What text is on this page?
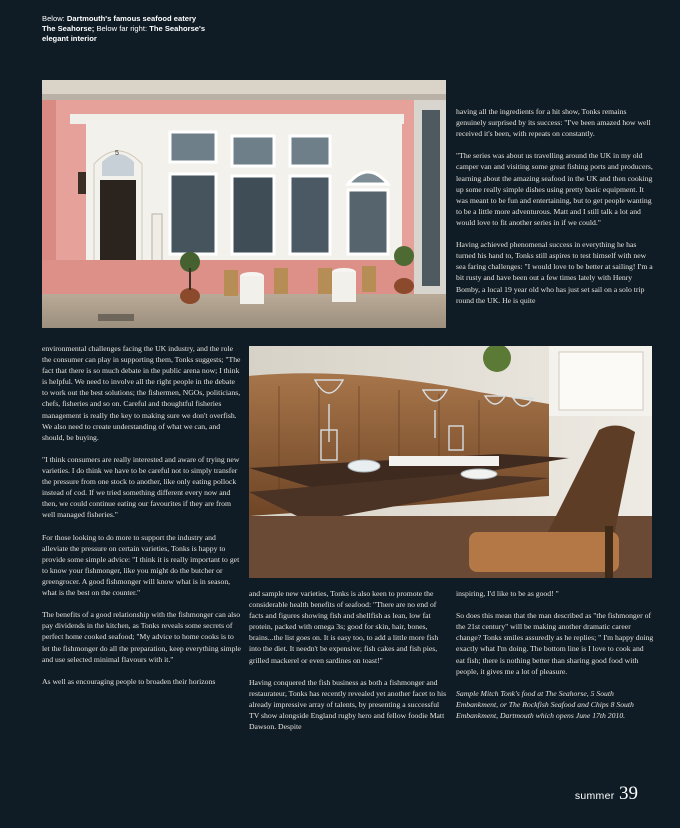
Below: Dartmouth's famous seafood eatery
The Seahorse; Below far right: The Seahorse's elegant interior
5

having all the ingredients for a hit show, Tonks remains genuinely surprised by its success: "I've been amazed how well received it's been, with repeats on constantly.

"The series was about us travelling around the UK in my old camper van and visiting some great fishing ports and producers, learning about the amazing seafood in the UK and then cooking up some really simple dishes using pretty basic equipment. It was meant to be fun and entertaining, but to get people wanting to be a little more adventurous. Matt and I still talk a lot and would love to fit another series in if we could."

Having achieved phenomenal success in everything he has turned his hand to, Tonks still aspires to test himself with new sea faring challenges: "I would love to be better at sailing! I'm a bit rusty and have been out a few times lately with Henry Bomby, a local 19 year old who has just set sail on a solo trip round the UK. He is quite

environmental challenges facing the UK industry, and the role the consumer can play in supporting them, Tonks suggests; "The fact that there is so much debate in the public arena now; I think is helpful. We need to involve all the right people in the debate to work out the best solutions; the fishermen, NGOs, politicians, chefs, fisheries and so on. Careful and thoughtful fisheries management is really the key to making sure we don't overfish. We also need to create understanding of what we can, and should, be buying.

"I think consumers are really interested and aware of trying new varieties. I do think we have to be careful not to simply transfer the pressure from one stock to another, like only eating pollock instead of cod. If we tried something different every now and then, we could continue eating our favourites if they are from well managed fisheries."

For those looking to do more to support the industry and alleviate the pressure on certain varieties, Tonks is happy to provide some simple advice: "I think it is really important to get to know your fishmonger, like you might do the butcher or greengrocer. A good fishmonger will know what is in season, what is the best on the counter."

The benefits of a good relationship with the fishmonger can also pay dividends in the kitchen, as Tonks reveals some secrets of perfect home cooked seafood; "My advice to home cooks is to let the fishmonger do all the preparation, keep everything simple and use selected minimal flavours with it."

As well as encouraging people to broaden their horizons

and sample new varieties, Tonks is also keen to promote the considerable health benefits of seafood: "There are no end of facts and figures showing fish and shellfish as lean, low fat protein, packed with omega 3s; good for skin, hair, bones, brains...the list goes on. It is easy too, to add a little more fish into the diet. It needn't be expensive; fish cakes and fish pies, grilled mackerel or even sardines on toast!"

Having conquered the fish business as both a fishmonger and restaurateur, Tonks has recently revealed yet another facet to his already impressive array of talents, by presenting a successful TV show alongside England rugby hero and fellow foodie Matt Dawson. Despite

inspiring, I'd like to be as good! "

So does this mean that the man described as "the fishmonger of the 21st century" will be making another dramatic career change? Tonks smiles assuredly as he replies; " I'm happy doing exactly what I'm doing. The bottom line is I love to cook and eat fish; there is nothing better than sharing good food with people, it gives me a lot of pleasure.

Sample Mitch Tonk's food at The Seahorse, 5 South Embankment, or The Rockfish Seafood and Chips 8 South Embankment, Dartmouth which opens June 17th 2010.

summer 39
